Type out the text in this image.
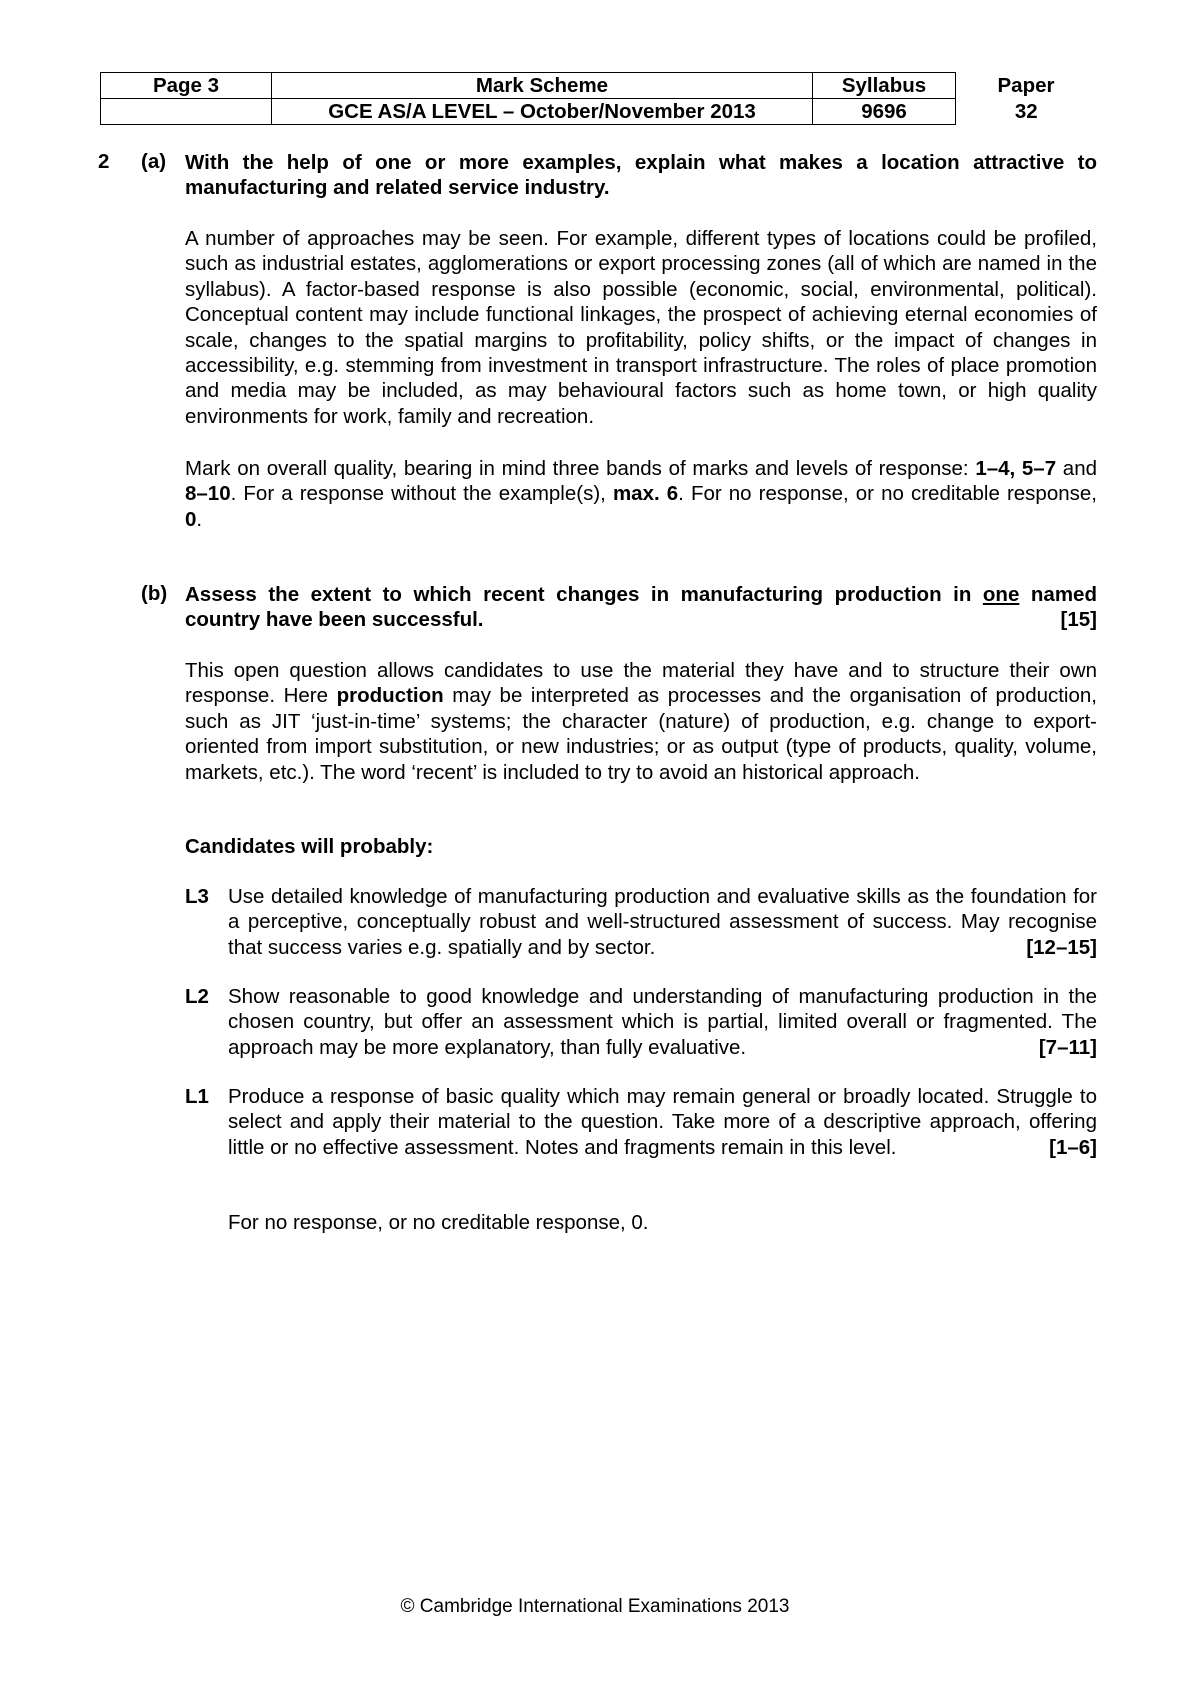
Page 3	Mark Scheme	Syllabus	Paper
	GCE AS/A LEVEL – October/November 2013	9696	32
2 (a) With the help of one or more examples, explain what makes a location attractive to manufacturing and related service industry.
A number of approaches may be seen. For example, different types of locations could be profiled, such as industrial estates, agglomerations or export processing zones (all of which are named in the syllabus). A factor-based response is also possible (economic, social, environmental, political). Conceptual content may include functional linkages, the prospect of achieving eternal economies of scale, changes to the spatial margins to profitability, policy shifts, or the impact of changes in accessibility, e.g. stemming from investment in transport infrastructure. The roles of place promotion and media may be included, as may behavioural factors such as home town, or high quality environments for work, family and recreation.
Mark on overall quality, bearing in mind three bands of marks and levels of response: 1–4, 5–7 and 8–10. For a response without the example(s), max. 6. For no response, or no creditable response, 0.
(b) Assess the extent to which recent changes in manufacturing production in one named

country have been successful.	[15]

This open question allows candidates to use the material they have and to structure their own response. Here production may be interpreted as processes and the organisation of production, such as JIT ‘just-in-time’ systems; the character (nature) of production, e.g. change to export-oriented from import substitution, or new industries; or as output (type of products, quality, volume, markets, etc.). The word ‘recent’ is included to try to avoid an historical approach.
Candidates will probably:
L3 Use detailed knowledge of manufacturing production and evaluative skills as the foundation for a perceptive, conceptually robust and well-structured assessment of success. May recognise that success varies e.g. spatially and by sector.	[12–15]
L2 Show reasonable to good knowledge and understanding of manufacturing production in the chosen country, but offer an assessment which is partial, limited overall or fragmented. The approach may be more explanatory, than fully evaluative.	[7–11]
L1 Produce a response of basic quality which may remain general or broadly located. Struggle to select and apply their material to the question. Take more of a descriptive approach, offering little or no effective assessment. Notes and fragments remain in this level.	[1–6]
For no response, or no creditable response, 0.
© Cambridge International Examinations 2013
